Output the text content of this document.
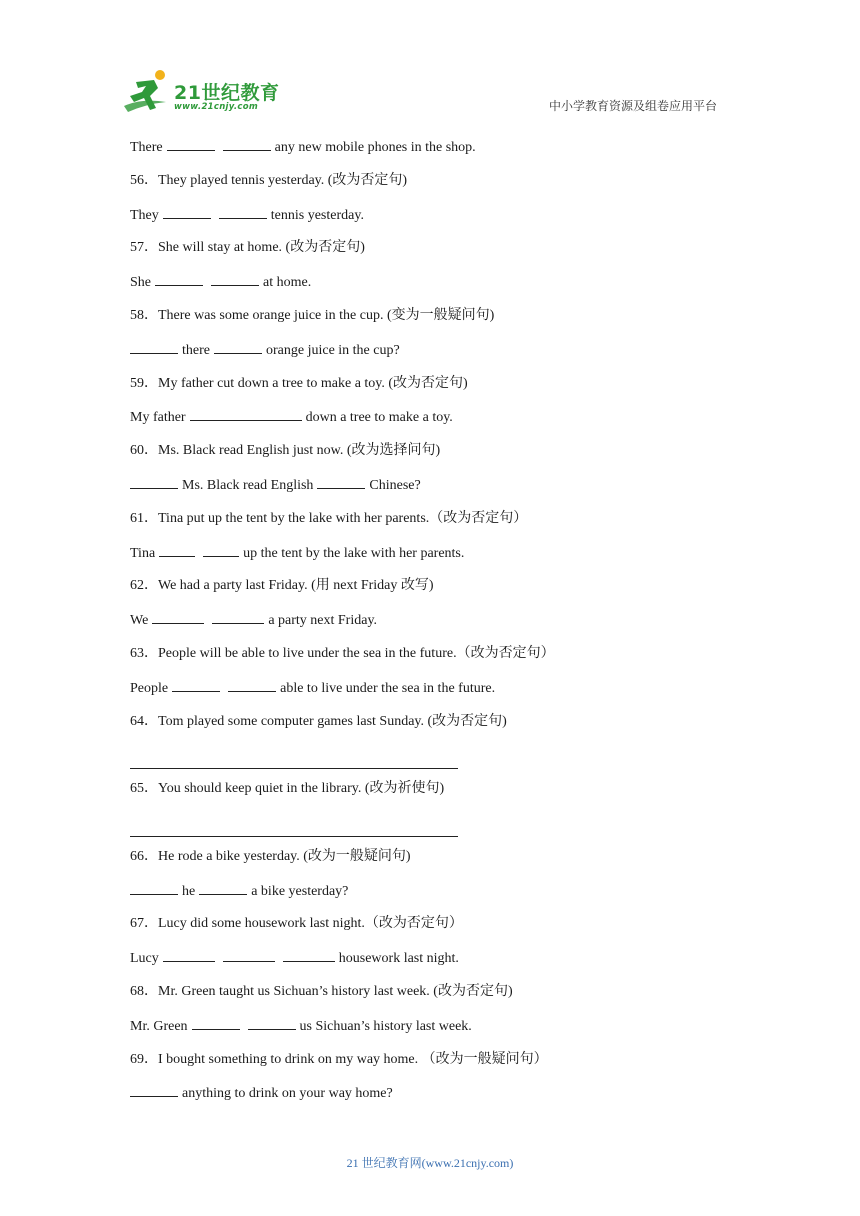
21世纪教育
www.21cnjy.com	中小学教育资源及组卷应用平台
There	any new mobile phones in the shop.
56．They played tennis yesterday. (改为否定句)
They	tennis yesterday.
57．She will stay at home. (改为否定句)
She	at home.
58．There was some orange juice in the cup. (变为一般疑问句)
there	orange juice in the cup?
59．My father cut down a tree to make a toy. (改为否定句)
My father	down a tree to make a toy.
60．Ms. Black read English just now. (改为选择问句)
Ms. Black read English	Chinese?
61．Tina put up the tent by the lake with her parents.（改为否定句）
Tina	up the tent by the lake with her parents.
62．We had a party last Friday. (用 next Friday 改写)
We	a party next Friday.
63．People will be able to live under the sea in the future.（改为否定句）
People	able to live under the sea in the future.
64．Tom played some computer games last Sunday. (改为否定句)
65．You should keep quiet in the library. (改为祈使句)
66．He rode a bike yesterday. (改为一般疑问句)
he	a bike yesterday?
67．Lucy did some housework last night.（改为否定句）
Lucy	housework last night.
68．Mr. Green taught us Sichuan’s history last week. (改为否定句)
Mr. Green	us Sichuan’s history last week.
69．I bought something to drink on my way home. （改为一般疑问句）
anything to drink on your way home?
21 世纪教育网(www.21cnjy.com)
